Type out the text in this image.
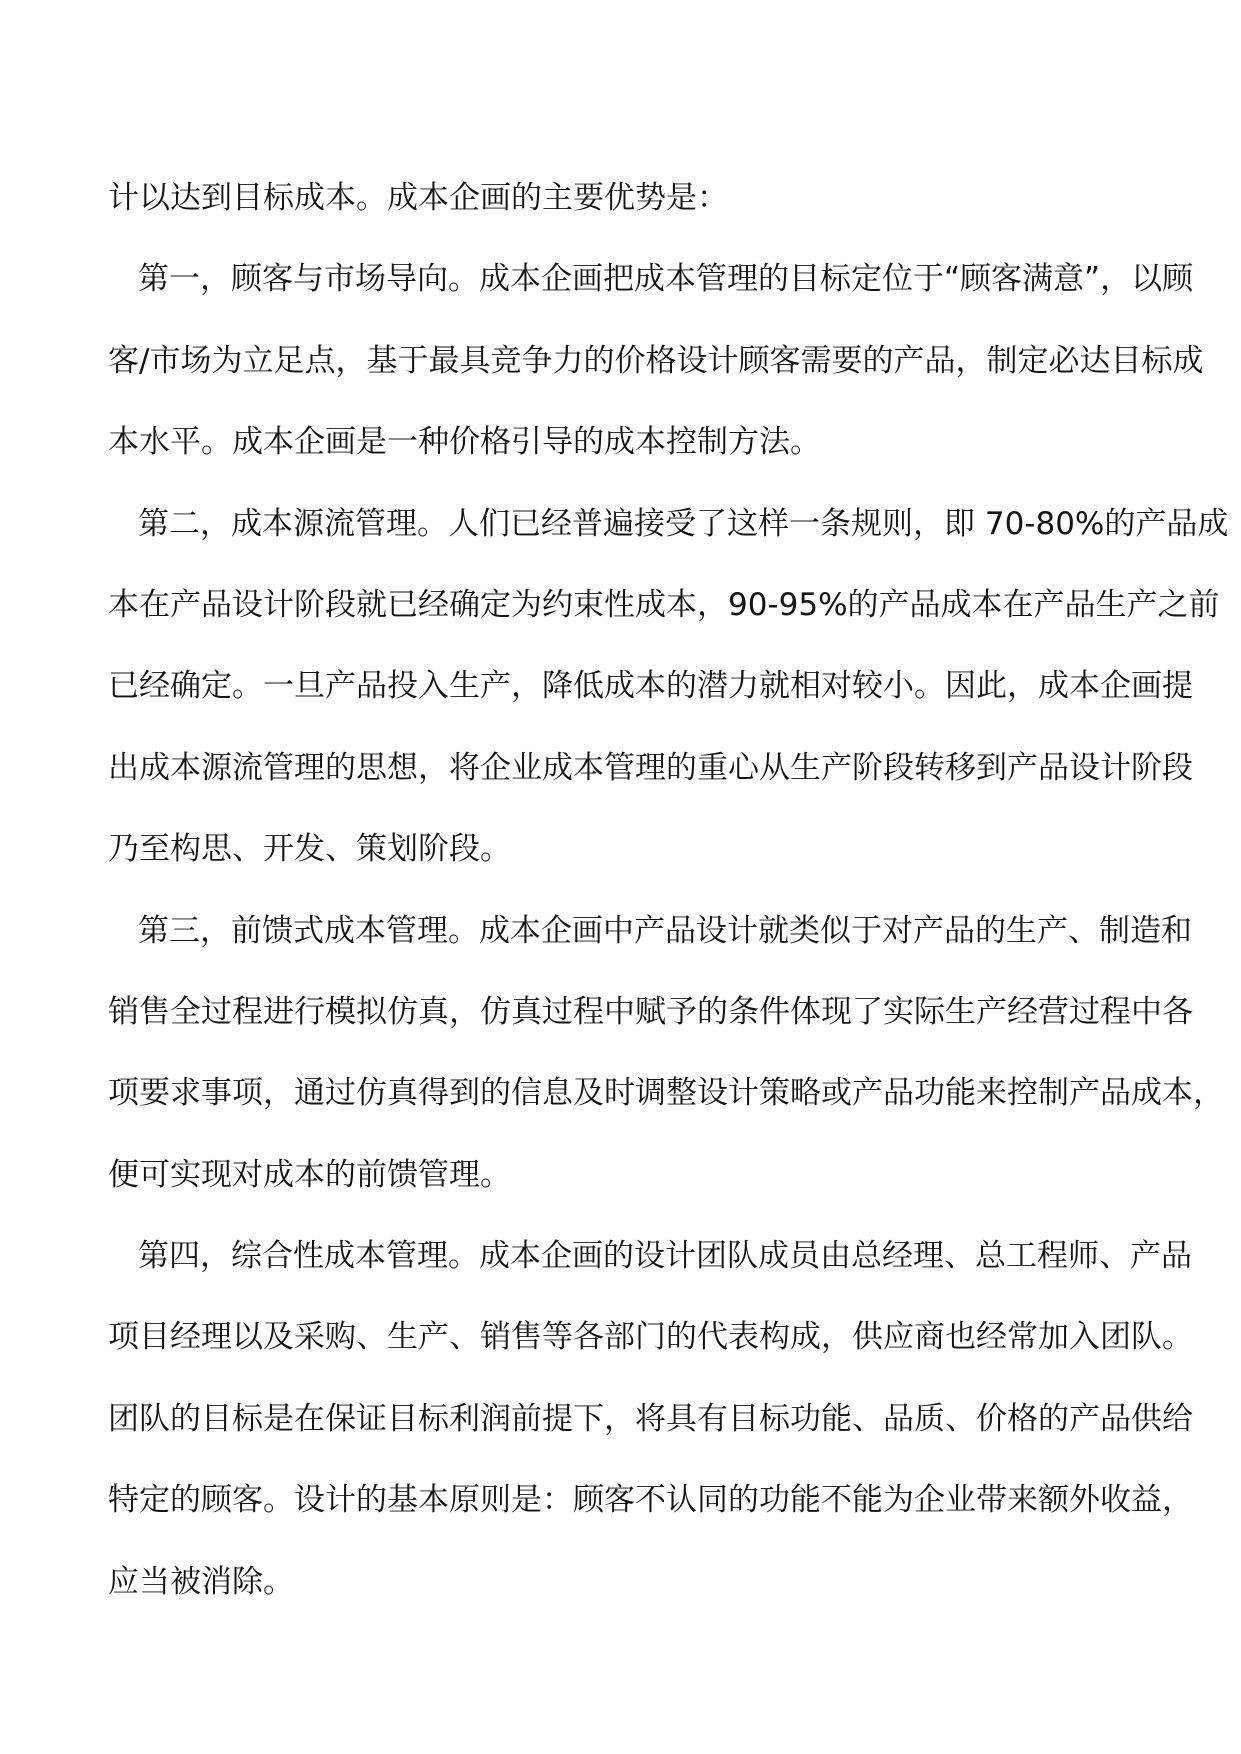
计以达到目标成本。成本企画的主要优势是：

第一，顾客与市场导向。成本企画把成本管理的目标定位于“顾客满意”，以顾

客/市场为立足点，基于最具竞争力的价格设计顾客需要的产品，制定必达目标成

本水平。成本企画是一种价格引导的成本控制方法。

第二，成本源流管理。人们已经普遍接受了这样一条规则，即 70-80%的产品成

本在产品设计阶段就已经确定为约束性成本，90-95%的产品成本在产品生产之前

已经确定。一旦产品投入生产，降低成本的潜力就相对较小。因此，成本企画提

出成本源流管理的思想，将企业成本管理的重心从生产阶段转移到产品设计阶段

乃至构思、开发、策划阶段。

第三，前馈式成本管理。成本企画中产品设计就类似于对产品的生产、制造和

销售全过程进行模拟仿真，仿真过程中赋予的条件体现了实际生产经营过程中各

项要求事项，通过仿真得到的信息及时调整设计策略或产品功能来控制产品成本，

便可实现对成本的前馈管理。

第四，综合性成本管理。成本企画的设计团队成员由总经理、总工程师、产品

项目经理以及采购、生产、销售等各部门的代表构成，供应商也经常加入团队。

团队的目标是在保证目标利润前提下，将具有目标功能、品质、价格的产品供给

特定的顾客。设计的基本原则是：顾客不认同的功能不能为企业带来额外收益，

应当被消除。
